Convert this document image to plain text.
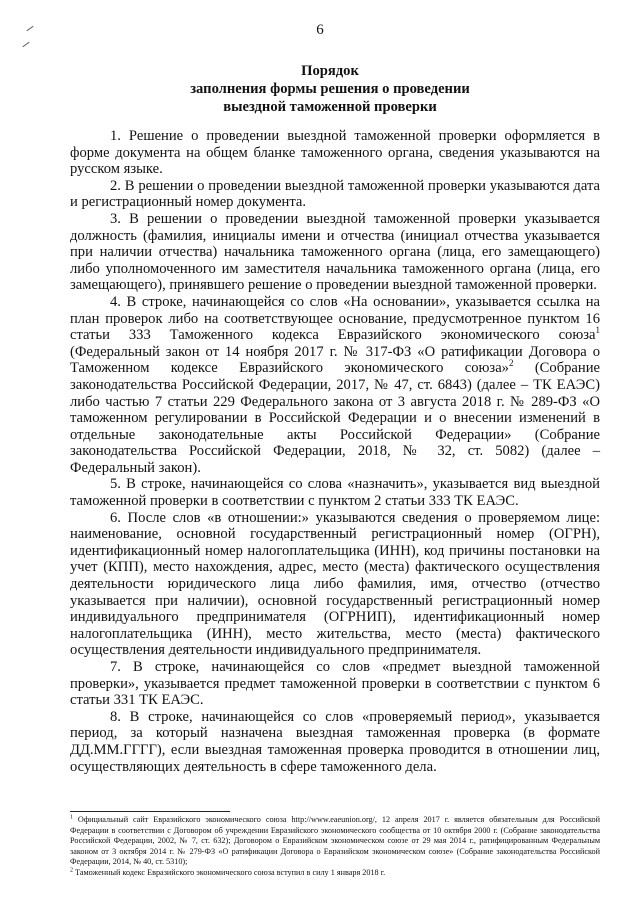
6
Порядок
заполнения формы решения о проведении
выездной таможенной проверки

1. Решение о проведении выездной таможенной проверки оформляется в форме документа на общем бланке таможенного органа, сведения указываются на русском языке.

2. В решении о проведении выездной таможенной проверки указываются дата и регистрационный номер документа.

3. В решении о проведении выездной таможенной проверки указывается должность (фамилия, инициалы имени и отчества (инициал отчества указывается при наличии отчества) начальника таможенного органа (лица, его замещающего) либо уполномоченного им заместителя начальника таможенного органа (лица, его замещающего), принявшего решение о проведении выездной таможенной проверки.

4. В строке, начинающейся со слов «На основании», указывается ссылка на план проверок либо на соответствующее основание, предусмотренное пунктом 16 статьи 333 Таможенного кодекса Евразийского экономического союза$^1$ (Федеральный закон от 14 ноября 2017 г. № 317-ФЗ «О ратификации Договора о Таможенном кодексе Евразийского экономического союза»$^2$ (Собрание законодательства Российской Федерации, 2017, № 47, ст. 6843) (далее – ТК ЕАЭС) либо частью 7 статьи 229 Федерального закона от 3 августа 2018 г. № 289-ФЗ «О таможенном регулировании в Российской Федерации и о внесении изменений в отдельные законодательные акты Российской Федерации» (Собрание законодательства Российской Федерации, 2018, № 32, ст. 5082) (далее – Федеральный закон).

5. В строке, начинающейся со слова «назначить», указывается вид выездной таможенной проверки в соответствии с пунктом 2 статьи 333 ТК ЕАЭС.

6. После слов «в отношении:» указываются сведения о проверяемом лице: наименование, основной государственный регистрационный номер (ОГРН), идентификационный номер налогоплательщика (ИНН), код причины постановки на учет (КПП), место нахождения, адрес, место (места) фактического осуществления деятельности юридического лица либо фамилия, имя, отчество (отчество указывается при наличии), основной государственный регистрационный номер индивидуального предпринимателя (ОГРНИП), идентификационный номер налогоплательщика (ИНН), место жительства, место (места) фактического осуществления деятельности индивидуального предпринимателя.

7. В строке, начинающейся со слов «предмет выездной таможенной проверки», указывается предмет таможенной проверки в соответствии с пунктом 6 статьи 331 ТК ЕАЭС.

8. В строке, начинающейся со слов «проверяемый период», указывается период, за который назначена выездная таможенная проверка (в формате ДД.ММ.ГГГГ), если выездная таможенная проверка проводится в отношении лиц, осуществляющих деятельность в сфере таможенного дела.

$^1$ Официальный сайт Евразийского экономического союза http://www.eaeunion.org/, 12 апреля 2017 г. является обязательным для Российской Федерации в соответствии с Договором об учреждении Евразийского экономического сообщества от 10 октября 2000 г. (Собрание законодательства Российской Федерации, 2002, № 7, ст. 632); Договором о Евразийском экономическом союзе от 29 мая 2014 г., ратифицированным Федеральным законом от 3 октября 2014 г. № 279-ФЗ «О ратификации Договора о Евразийском экономическом союзе» (Собрание законодательства Российской Федерации, 2014, № 40, ст. 5310);

$^2$ Таможенный кодекс Евразийского экономического союза вступил в силу 1 января 2018 г.
